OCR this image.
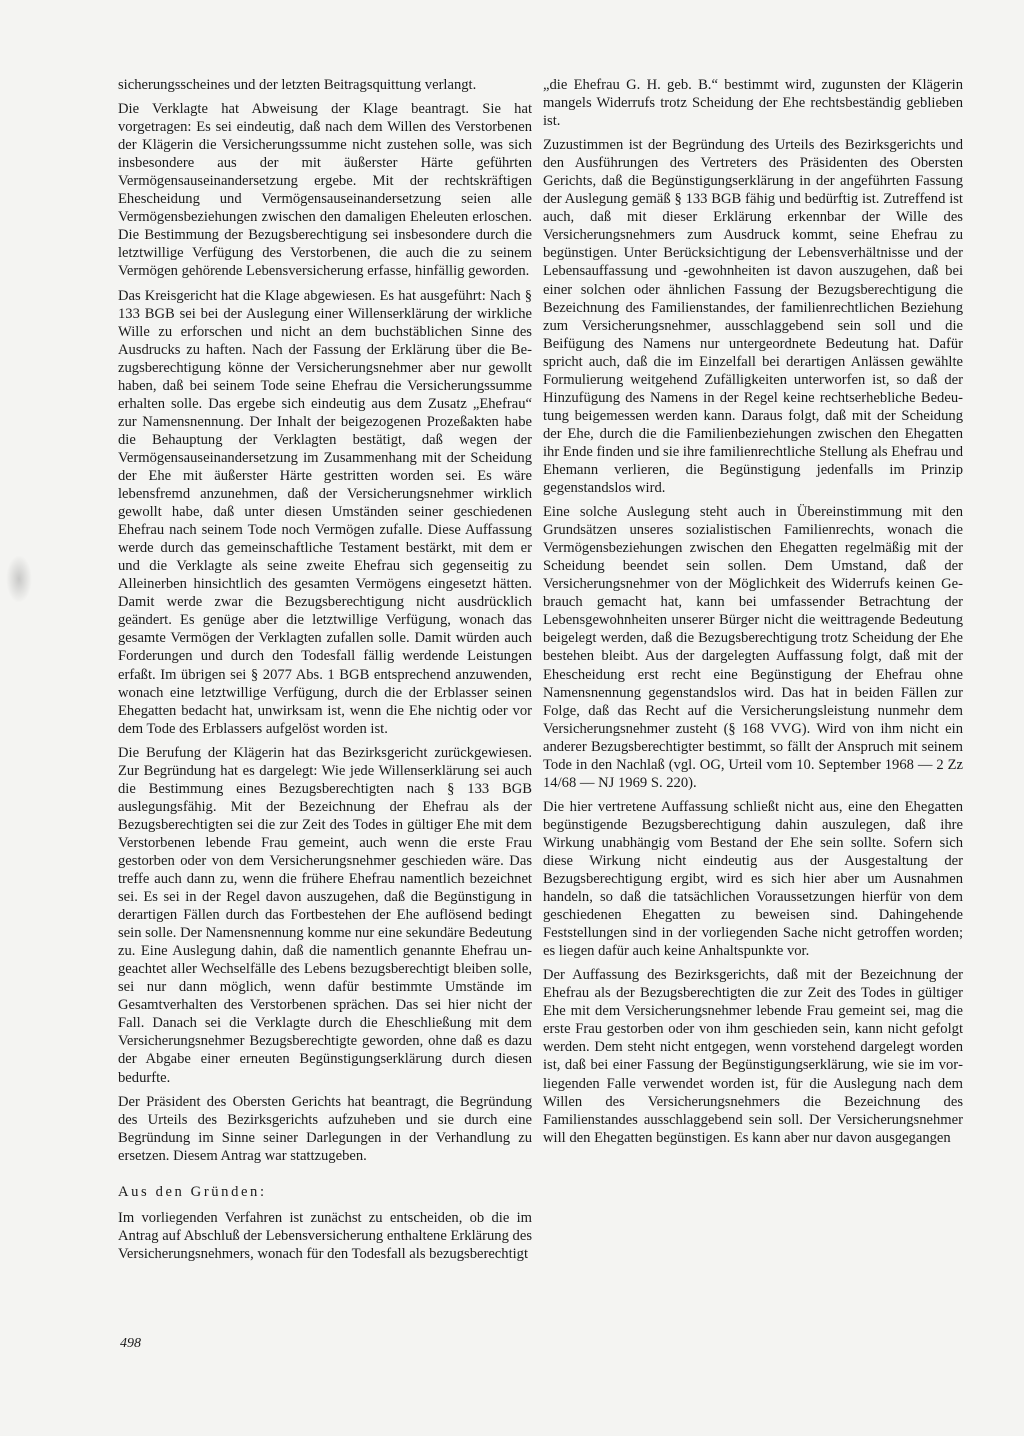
sicherungsscheines und der letzten Beitragsquittung verlangt.

Die Verklagte hat Abweisung der Klage beantragt. Sie hat vorgetragen: Es sei eindeutig, daß nach dem Willen des Verstorbenen der Klägerin die Versicherungssumme nicht zustehen solle, was sich insbesondere aus der mit äußerster Härte geführten Vermögensauseinandersetzung ergebe. Mit der rechtskräftigen Ehescheidung und Vermögensauseinandersetzung seien alle Vermögensbeziehungen zwischen den damaligen Eheleuten erloschen. Die Bestimmung der Bezugsberechtigung sei insbesondere durch die letztwillige Verfügung des Verstorbenen, die auch die zu seinem Vermögen gehörende Lebensversicherung erfasse, hinfällig geworden.

Das Kreisgericht hat die Klage abgewiesen. Es hat ausgeführt: Nach § 133 BGB sei bei der Auslegung einer Willenserklärung der wirkliche Wille zu erforschen und nicht an dem buchstäblichen Sinne des Ausdrucks zu haften. Nach der Fassung der Erklärung über die Bezugsberechtigung könne der Versicherungsnehmer aber nur gewollt haben, daß bei seinem Tode seine Ehefrau die Versicherungssumme erhalten solle. Das ergebe sich eindeutig aus dem Zusatz „Ehefrau“ zur Namensnennung. Der Inhalt der beigezogenen Prozeßakten habe die Behauptung der Verklagten bestätigt, daß wegen der Vermögensauseinandersetzung im Zusammenhang mit der Scheidung der Ehe mit äußerster Härte gestritten worden sei. Es wäre lebensfremd anzunehmen, daß der Versicherungsnehmer wirklich gewollt habe, daß unter diesen Umständen seiner geschiedenen Ehefrau nach seinem Tode noch Vermögen zufalle. Diese Auffassung werde durch das gemeinschaftliche Testament bestärkt, mit dem er und die Verklagte als seine zweite Ehefrau sich gegenseitig zu Alleinerben hinsichtlich des gesamten Vermögens eingesetzt hätten. Damit werde zwar die Bezugsberechtigung nicht ausdrücklich geändert. Es genüge aber die letztwillige Verfügung, wonach das gesamte Vermögen der Verklagten zufallen solle. Damit würden auch Forderungen und durch den Todesfall fällig werdende Leistungen erfaßt. Im übrigen sei § 2077 Abs. 1 BGB entsprechend anzuwenden, wonach eine letztwillige Verfügung, durch die der Erblasser seinen Ehegatten bedacht hat, unwirksam ist, wenn die Ehe nichtig oder vor dem Tode des Erblassers aufgelöst worden ist.

Die Berufung der Klägerin hat das Bezirksgericht zurückgewiesen. Zur Begründung hat es dargelegt: Wie jede Willenserklärung sei auch die Bestimmung eines Bezugsberechtigten nach § 133 BGB auslegungsfähig. Mit der Bezeichnung der Ehefrau als der Bezugsberechtigten sei die zur Zeit des Todes in gültiger Ehe mit dem Verstorbenen lebende Frau gemeint, auch wenn die erste Frau gestorben oder von dem Versicherungsnehmer geschieden wäre. Das treffe auch dann zu, wenn die frühere Ehefrau namentlich bezeichnet sei. Es sei in der Regel davon auszugehen, daß die Begünstigung in derartigen Fällen durch das Fortbestehen der Ehe auflösend bedingt sein solle. Der Namensnennung komme nur eine sekundäre Bedeutung zu. Eine Auslegung dahin, daß die namentlich genannte Ehefrau ungeachtet aller Wechselfälle des Lebens bezugsberechtigt bleiben solle, sei nur dann möglich, wenn dafür bestimmte Umstände im Gesamtverhalten des Verstorbenen sprächen. Das sei hier nicht der Fall. Danach sei die Verklagte durch die Eheschließung mit dem Versicherungsnehmer Bezugsberechtigte geworden, ohne daß es dazu der Abgabe einer erneuten Begünstigungserklärung durch diesen bedurfte.

Der Präsident des Obersten Gerichts hat beantragt, die Begründung des Urteils des Bezirksgerichts aufzuheben und sie durch eine Begründung im Sinne seiner Darlegungen in der Verhandlung zu ersetzen. Diesem Antrag war stattzugeben.

Aus den Gründen:

Im vorliegenden Verfahren ist zunächst zu entscheiden, ob die im Antrag auf Abschluß der Lebensversicherung enthaltene Erklärung des Versicherungsnehmers, wonach für den Todesfall als bezugsberechtigt

„die Ehefrau G. H. geb. B.“ bestimmt wird, zugunsten der Klägerin mangels Widerrufs trotz Scheidung der Ehe rechtsbeständig geblieben ist.

Zuzustimmen ist der Begründung des Urteils des Bezirksgerichts und den Ausführungen des Vertreters des Präsidenten des Obersten Gerichts, daß die Begünstigungserklärung in der angeführten Fassung der Auslegung gemäß § 133 BGB fähig und bedürftig ist. Zutreffend ist auch, daß mit dieser Erklärung erkennbar der Wille des Versicherungsnehmers zum Ausdruck kommt, seine Ehefrau zu begünstigen. Unter Berücksichtigung der Lebensverhältnisse und der Lebensauffassung und -gewohnheiten ist davon auszugehen, daß bei einer solchen oder ähnlichen Fassung der Bezugsberechtigung die Bezeichnung des Familienstandes, der familienrechtlichen Beziehung zum Versicherungsnehmer, ausschlaggebend sein soll und die Beifügung des Namens nur untergeordnete Bedeutung hat. Dafür spricht auch, daß die im Einzelfall bei derartigen Anlässen gewählte Formulierung weitgehend Zufälligkeiten unterworfen ist, so daß der Hinzufügung des Namens in der Regel keine rechtserhebliche Bedeutung beigemessen werden kann. Daraus folgt, daß mit der Scheidung der Ehe, durch die die Familienbeziehungen zwischen den Ehegatten ihr Ende finden und sie ihre familienrechtliche Stellung als Ehefrau und Ehemann verlieren, die Begünstigung jedenfalls im Prinzip gegenstandslos wird.

Eine solche Auslegung steht auch in Übereinstimmung mit den Grundsätzen unseres sozialistischen Familienrechts, wonach die Vermögensbeziehungen zwischen den Ehegatten regelmäßig mit der Scheidung beendet sein sollen. Dem Umstand, daß der Versicherungsnehmer von der Möglichkeit des Widerrufs keinen Gebrauch gemacht hat, kann bei umfassender Betrachtung der Lebensgewohnheiten unserer Bürger nicht die weittragende Bedeutung beigelegt werden, daß die Bezugsberechtigung trotz Scheidung der Ehe bestehen bleibt. Aus der dargelegten Auffassung folgt, daß mit der Ehescheidung erst recht eine Begünstigung der Ehefrau ohne Namensnennung gegenstandslos wird. Das hat in beiden Fällen zur Folge, daß das Recht auf die Versicherungsleistung nunmehr dem Versicherungsnehmer zusteht (§ 168 VVG). Wird von ihm nicht ein anderer Bezugsberechtigter bestimmt, so fällt der Anspruch mit seinem Tode in den Nachlaß (vgl. OG, Urteil vom 10. September 1968 — 2 Zz 14/68 — NJ 1969 S. 220).

Die hier vertretene Auffassung schließt nicht aus, eine den Ehegatten begünstigende Bezugsberechtigung dahin auszulegen, daß ihre Wirkung unabhängig vom Bestand der Ehe sein sollte. Sofern sich diese Wirkung nicht eindeutig aus der Ausgestaltung der Bezugsberechtigung ergibt, wird es sich hier aber um Ausnahmen handeln, so daß die tatsächlichen Voraussetzungen hierfür von dem geschiedenen Ehegatten zu beweisen sind. Dahingehende Feststellungen sind in der vorliegenden Sache nicht getroffen worden; es liegen dafür auch keine Anhaltspunkte vor.

Der Auffassung des Bezirksgerichts, daß mit der Bezeichnung der Ehefrau als der Bezugsberechtigten die zur Zeit des Todes in gültiger Ehe mit dem Versicherungsnehmer lebende Frau gemeint sei, mag die erste Frau gestorben oder von ihm geschieden sein, kann nicht gefolgt werden. Dem steht nicht entgegen, wenn vorstehend dargelegt worden ist, daß bei einer Fassung der Begünstigungserklärung, wie sie im vorliegenden Falle verwendet worden ist, für die Auslegung nach dem Willen des Versicherungsnehmers die Bezeichnung des Familienstandes ausschlaggebend sein soll. Der Versicherungsnehmer will den Ehegatten begünstigen. Es kann aber nur davon ausgegangen

498
